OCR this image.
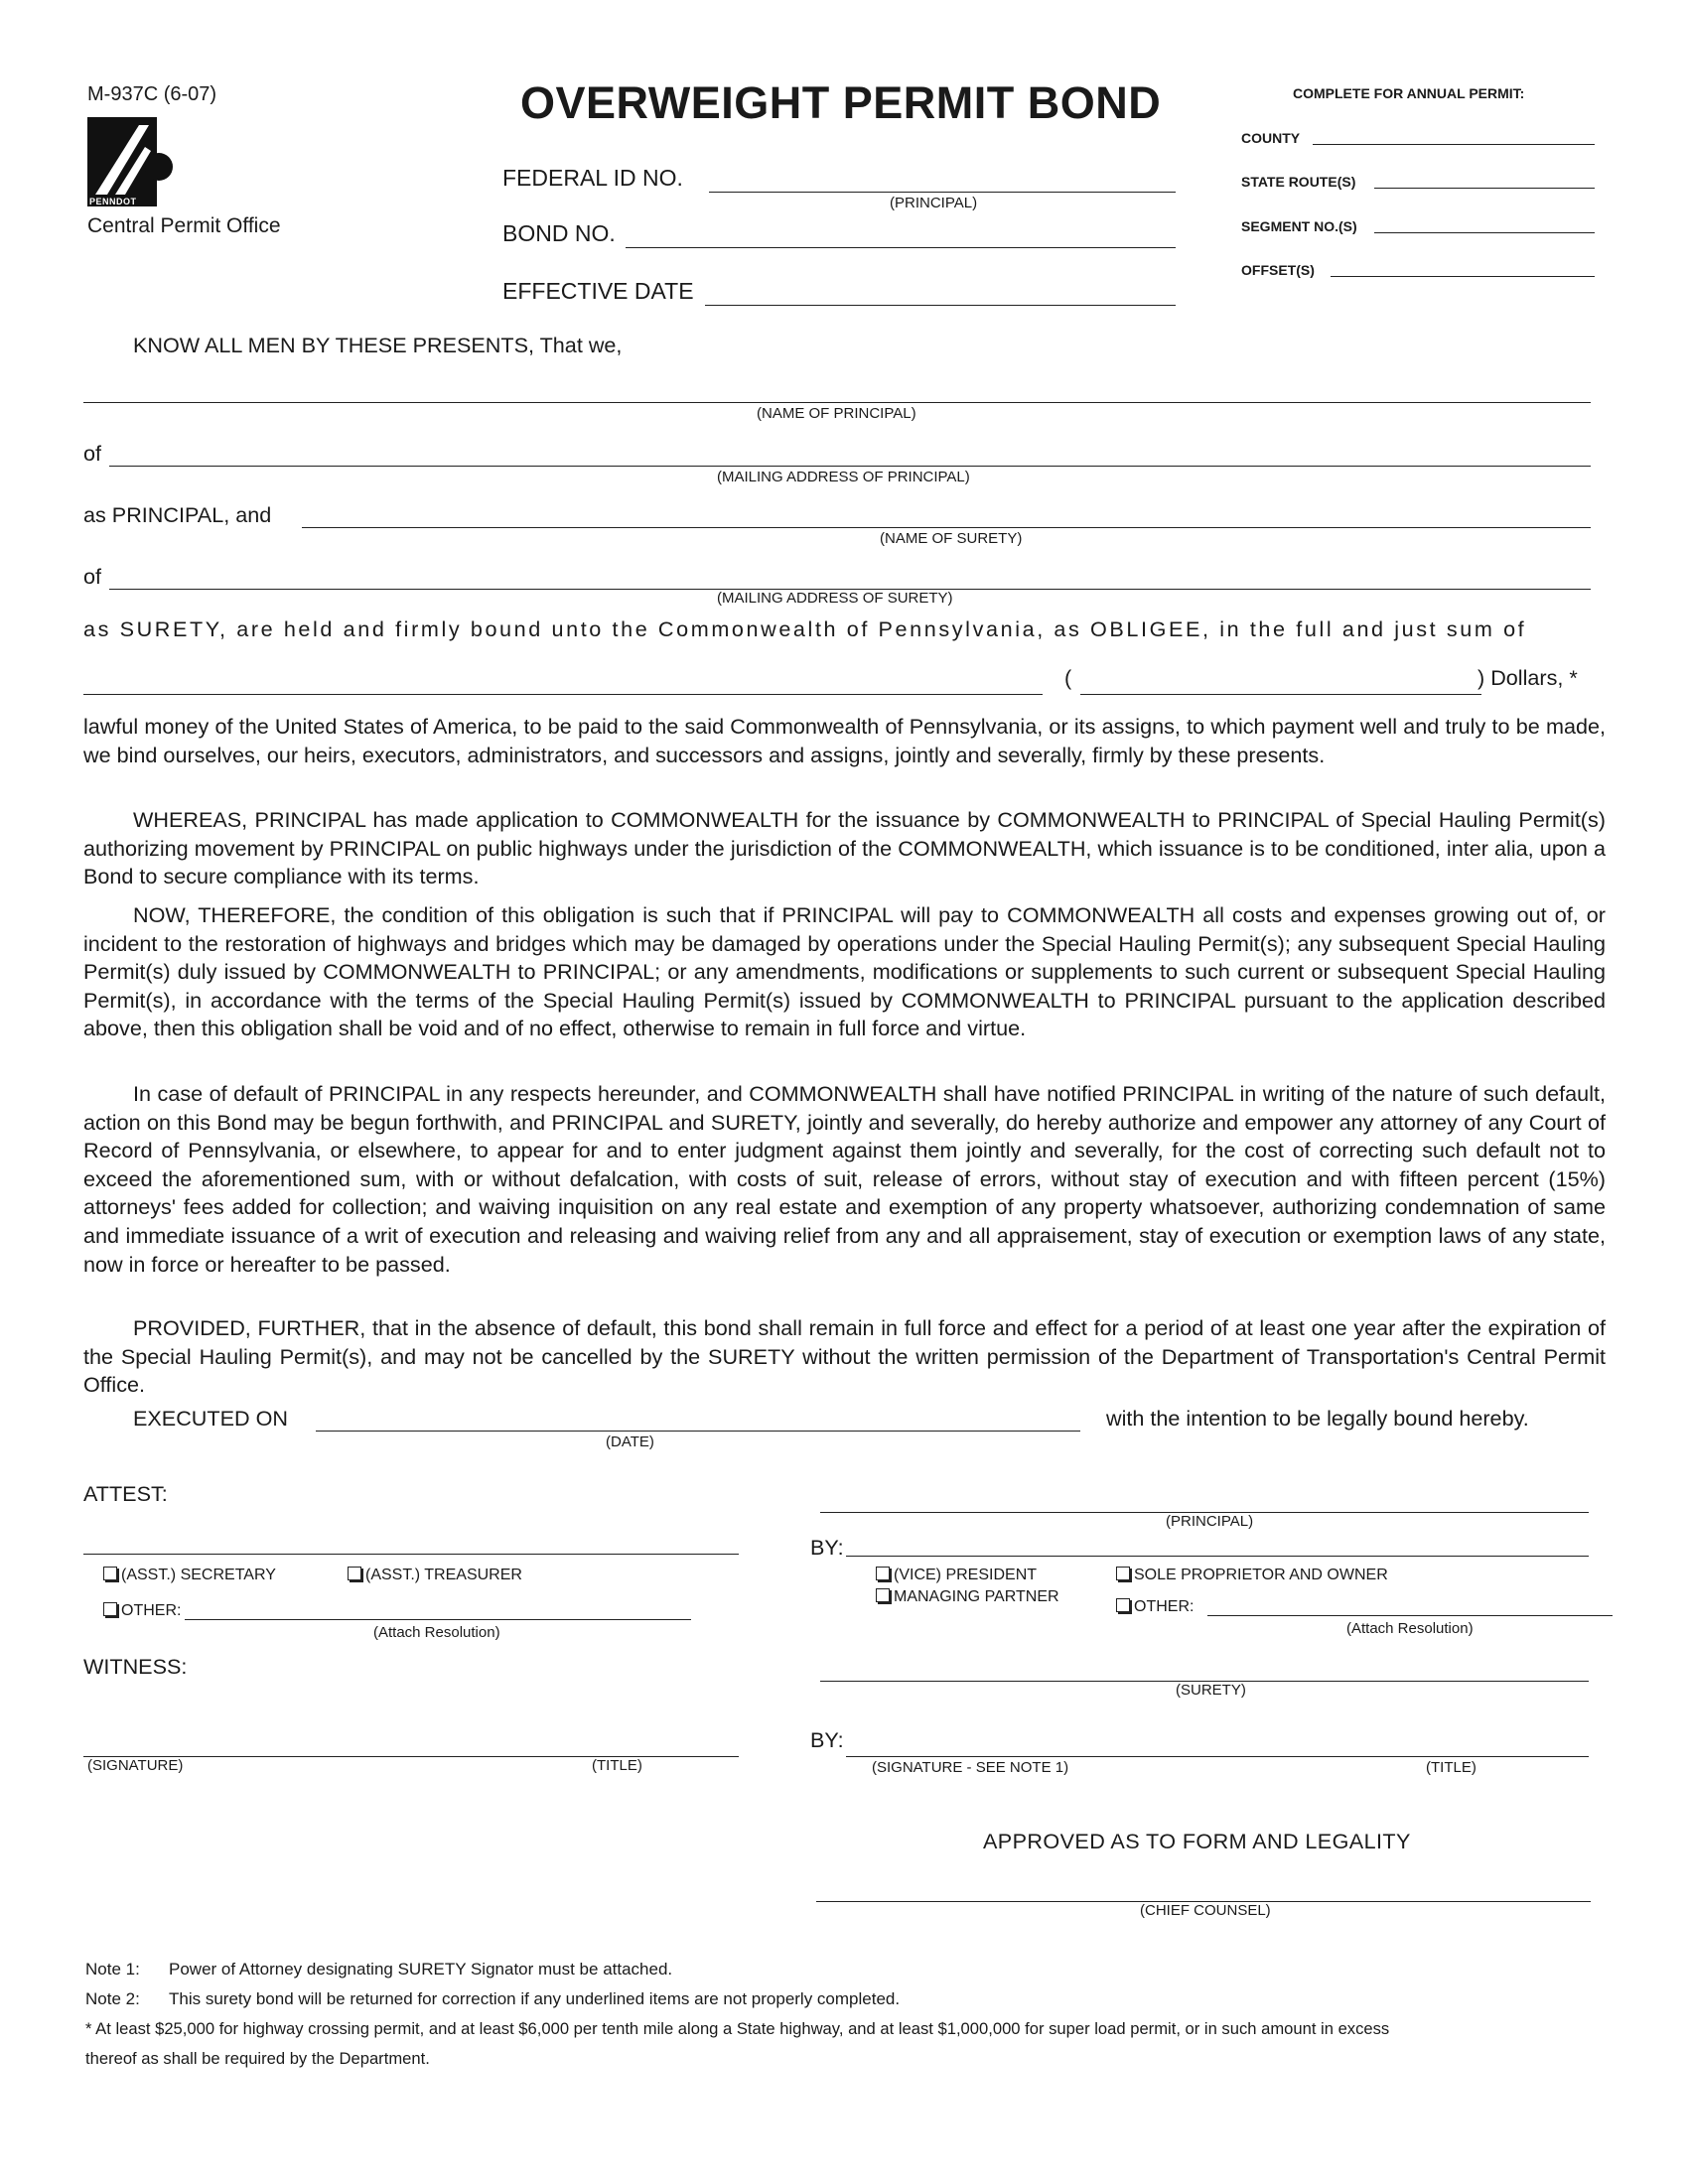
M-937C (6-07)
PENNDOT
Central Permit Office
OVERWEIGHT PERMIT BOND
FEDERAL ID NO.
(PRINCIPAL)
BOND NO.
EFFECTIVE DATE
COMPLETE FOR ANNUAL PERMIT:
COUNTY
STATE ROUTE(S)
SEGMENT NO.(S)
OFFSET(S)
KNOW ALL MEN BY THESE PRESENTS, That we,
(NAME OF PRINCIPAL)
of
(MAILING ADDRESS OF PRINCIPAL)
as PRINCIPAL, and
(NAME OF SURETY)
of
(MAILING ADDRESS OF SURETY)

as SURETY, are held and firmly bound unto the Commonwealth of Pennsylvania, as OBLIGEE, in the full and just sum of

(	) Dollars, *

lawful money of the United States of America, to be paid to the said Commonwealth of Pennsylvania, or its assigns, to which payment well and truly to be made, we bind ourselves, our heirs, executors, administrators, and successors and assigns, jointly and severally, firmly by these presents.

WHEREAS, PRINCIPAL has made application to COMMONWEALTH for the issuance by COMMONWEALTH to PRINCIPAL of Special Hauling Permit(s) authorizing movement by PRINCIPAL on public highways under the jurisdiction of the COMMONWEALTH, which issuance is to be conditioned, inter alia, upon a Bond to secure compliance with its terms.

NOW, THEREFORE, the condition of this obligation is such that if PRINCIPAL will pay to COMMONWEALTH all costs and expenses growing out of, or incident to the restoration of highways and bridges which may be damaged by operations under the Special Hauling Permit(s); any subsequent Special Hauling Permit(s) duly issued by COMMONWEALTH to PRINCIPAL; or any amendments, modifications or supplements to such current or subsequent Special Hauling Permit(s), in accordance with the terms of the Special Hauling Permit(s) issued by COMMONWEALTH to PRINCIPAL pursuant to the application described above, then this obligation shall be void and of no effect, otherwise to remain in full force and virtue.

In case of default of PRINCIPAL in any respects hereunder, and COMMONWEALTH shall have notified PRINCIPAL in writing of the nature of such default, action on this Bond may be begun forthwith, and PRINCIPAL and SURETY, jointly and severally, do hereby authorize and empower any attorney of any Court of Record of Pennsylvania, or elsewhere, to appear for and to enter judgment against them jointly and severally, for the cost of correcting such default not to exceed the aforementioned sum, with or without defalcation, with costs of suit, release of errors, without stay of execution and with fifteen percent (15%) attorneys' fees added for collection; and waiving inquisition on any real estate and exemption of any property whatsoever, authorizing condemnation of same and immediate issuance of a writ of execution and releasing and waiving relief from any and all appraisement, stay of execution or exemption laws of any state, now in force or hereafter to be passed.

PROVIDED, FURTHER, that in the absence of default, this bond shall remain in full force and effect for a period of at least one year after the expiration of the Special Hauling Permit(s), and may not be cancelled by the SURETY without the written permission of the Department of Transportation's Central Permit Office.

EXECUTED ON
(DATE)
with the intention to be legally bound hereby.
ATTEST:
(ASST.) SECRETARY	(ASST.) TREASURER
OTHER:
(Attach Resolution)
WITNESS:
(SIGNATURE)	(TITLE)
(PRINCIPAL)
BY:
(VICE) PRESIDENT
MANAGING PARTNER
SOLE PROPRIETOR AND OWNER
OTHER:
(Attach Resolution)
(SURETY)
BY:
(SIGNATURE - SEE NOTE 1)	(TITLE)
APPROVED AS TO FORM AND LEGALITY
(CHIEF COUNSEL)
Note 1: Power of Attorney designating SURETY Signator must be attached.
Note 2: This surety bond will be returned for correction if any underlined items are not properly completed.
* At least $25,000 for highway crossing permit, and at least $6,000 per tenth mile along a State highway, and at least $1,000,000 for super load permit, or in such amount in excess
thereof as shall be required by the Department.
